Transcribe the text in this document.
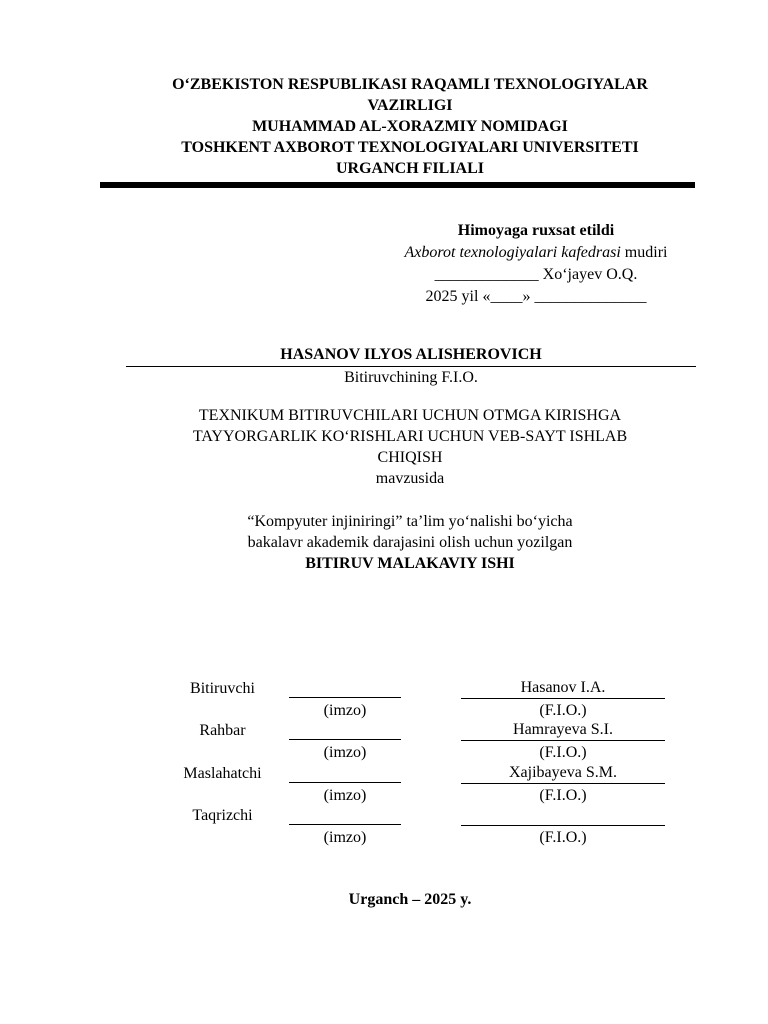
O‘ZBEKISTON RESPUBLIKASI RAQAMLI TEXNOLOGIYALAR
VAZIRLIGI
MUHAMMAD AL-XORAZMIY NOMIDAGI
TOSHKENT AXBOROT TEXNOLOGIYALARI UNIVERSITETI
URGANCH FILIALI
Himoyaga ruxsat etildi
Axborot texnologiyalari kafedrasi mudiri
_____________ Xo‘jayev O.Q.
2025 yil «____» ______________
HASANOV ILYOS ALISHEROVICH
Bitiruvchining F.I.O.
TEXNIKUM BITIRUVCHILARI UCHUN OTMGA KIRISHGA
TAYYORGARLIK KO‘RISHLARI UCHUN VEB-SAYT ISHLAB
CHIQISH
mavzusida
“Kompyuter injiniringi” ta’lim yo‘nalishi bo‘yicha
bakalavr akademik darajasini olish uchun yozilgan
BITIRUV MALAKAVIY ISHI
Bitiruvchi
(imzo)
Hasanov I.A.
(F.I.O.)
Rahbar
(imzo)
Hamrayeva S.I.
(F.I.O.)
Maslahatchi
(imzo)
Xajibayeva S.M.
(F.I.O.)
Taqrizchi
(imzo)	(F.I.O.)
Urganch – 2025 y.
